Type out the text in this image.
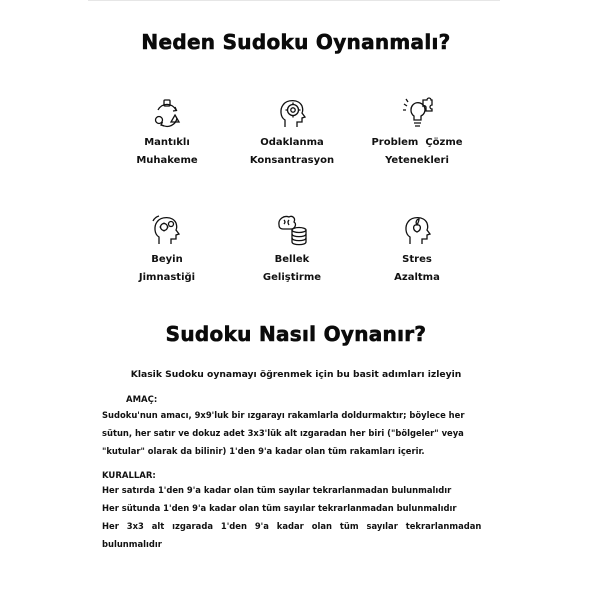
Neden Sudoku Oynanmalı?
Mantıklı
Muhakeme
Odaklanma
Konsantrasyon
Problem  Çözme
Yetenekleri
Beyin
Jimnastiği
Bellek
Geliştirme
Stres
Azaltma
Sudoku Nasıl Oynanır?
Klasik Sudoku oynamayı öğrenmek için bu basit adımları izleyin
AMAÇ:
Sudoku'nun amacı, 9x9'luk bir ızgarayı rakamlarla doldurmaktır; böylece her
sütun, her satır ve dokuz adet 3x3'lük alt ızgaradan her biri ("bölgeler" veya
"kutular" olarak da bilinir) 1'den 9'a kadar olan tüm rakamları içerir.
KURALLAR:
Her satırda 1'den 9'a kadar olan tüm sayılar tekrarlanmadan bulunmalıdır
Her sütunda 1'den 9'a kadar olan tüm sayılar tekrarlanmadan bulunmalıdır
Her 3x3 alt ızgarada 1'den 9'a kadar olan tüm sayılar tekrarlanmadan
bulunmalıdır
